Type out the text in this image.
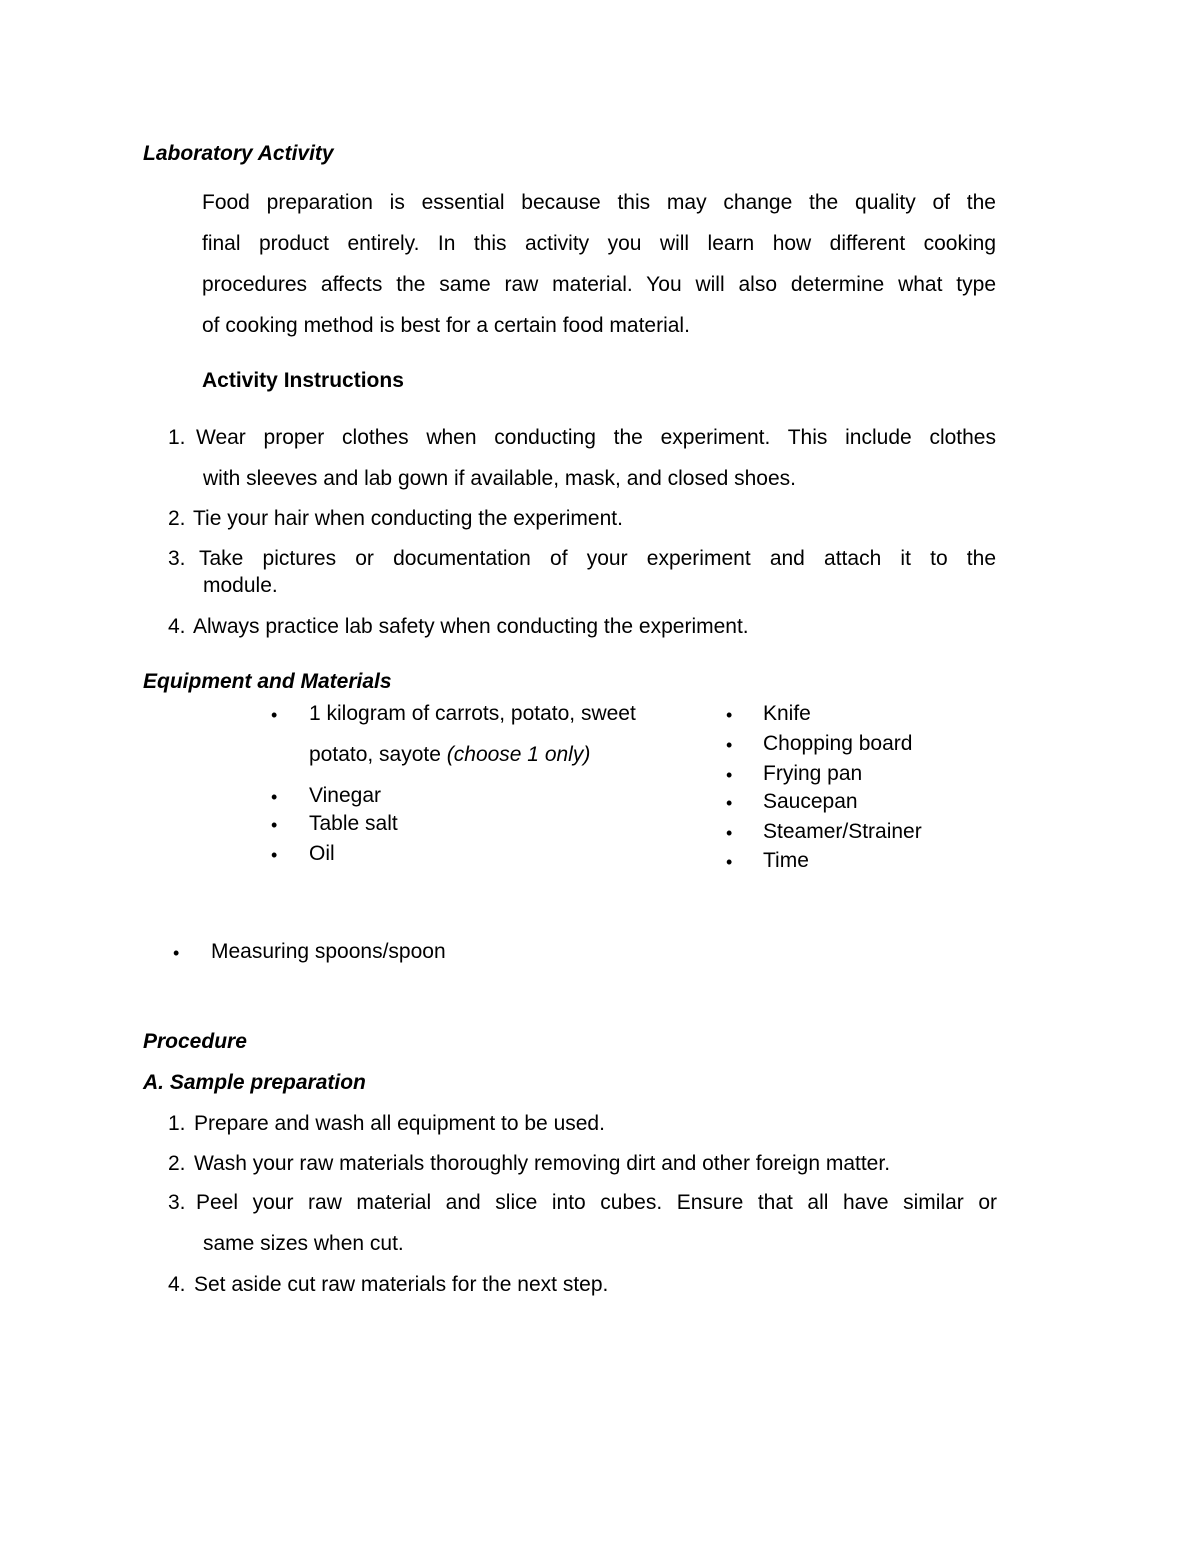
Laboratory Activity
Food preparation is essential because this may change the quality of the
final product entirely. In this activity you will learn how different cooking
procedures affects the same raw material. You will also determine what type
of cooking method is best for a certain food material.
Activity Instructions
1. Wear proper clothes when conducting the experiment. This include clothes
with sleeves and lab gown if available, mask, and closed shoes.
2. Tie your hair when conducting the experiment.
3. Take pictures or documentation of your experiment and attach it to the
module.
4. Always practice lab safety when conducting the experiment.
Equipment and Materials
• 1 kilogram of carrots, potato, sweet
potato, sayote (choose 1 only)
• Vinegar
• Table salt
• Oil
• Knife
• Chopping board
• Frying pan
• Saucepan
• Steamer/Strainer
• Time
• Measuring spoons/spoon
Procedure
A. Sample preparation
1. Prepare and wash all equipment to be used.
2. Wash your raw materials thoroughly removing dirt and other foreign matter.
3. Peel your raw material and slice into cubes. Ensure that all have similar or
same sizes when cut.
4. Set aside cut raw materials for the next step.
